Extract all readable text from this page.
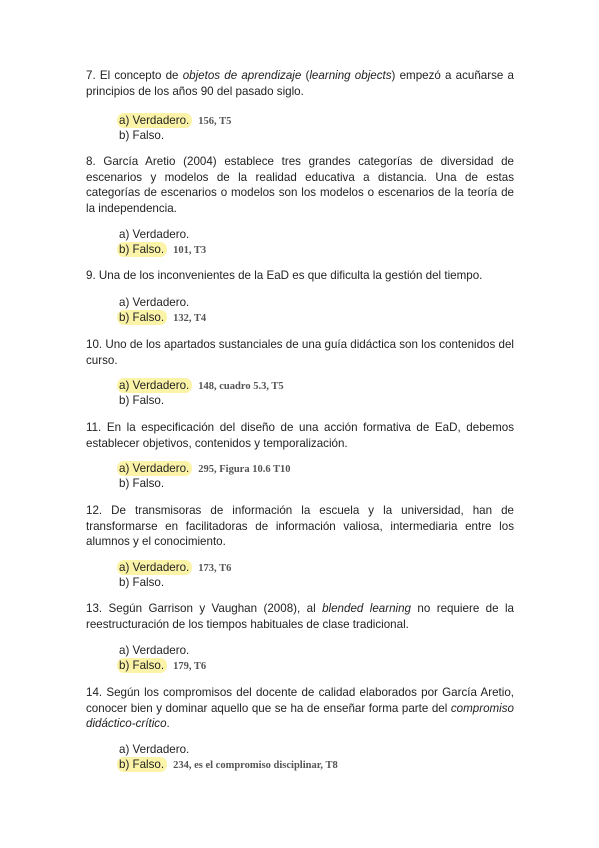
7. El concepto de objetos de aprendizaje (learning objects) empezó a acuñarse a principios de los años 90 del pasado siglo.
a) Verdadero. 156, T5
b) Falso.
8. García Aretio (2004) establece tres grandes categorías de diversidad de escenarios y modelos de la realidad educativa a distancia. Una de estas categorías de escenarios o modelos son los modelos o escenarios de la teoría de la independencia.
a) Verdadero.
b) Falso. 101, T3
9. Una de los inconvenientes de la EaD es que dificulta la gestión del tiempo.
a) Verdadero.
b) Falso. 132, T4
10. Uno de los apartados sustanciales de una guía didáctica son los contenidos del curso.
a) Verdadero. 148, cuadro 5.3, T5
b) Falso.
11. En la especificación del diseño de una acción formativa de EaD, debemos establecer objetivos, contenidos y temporalización.
a) Verdadero. 295, Figura 10.6 T10
b) Falso.
12. De transmisoras de información la escuela y la universidad, han de transformarse en facilitadoras de información valiosa, intermediaria entre los alumnos y el conocimiento.
a) Verdadero. 173, T6
b) Falso.
13. Según Garrison y Vaughan (2008), al blended learning no requiere de la reestructuración de los tiempos habituales de clase tradicional.
a) Verdadero.
b) Falso. 179, T6
14. Según los compromisos del docente de calidad elaborados por García Aretio, conocer bien y dominar aquello que se ha de enseñar forma parte del compromiso didáctico-crítico.
a) Verdadero.
b) Falso. 234, es el compromiso disciplinar, T8
